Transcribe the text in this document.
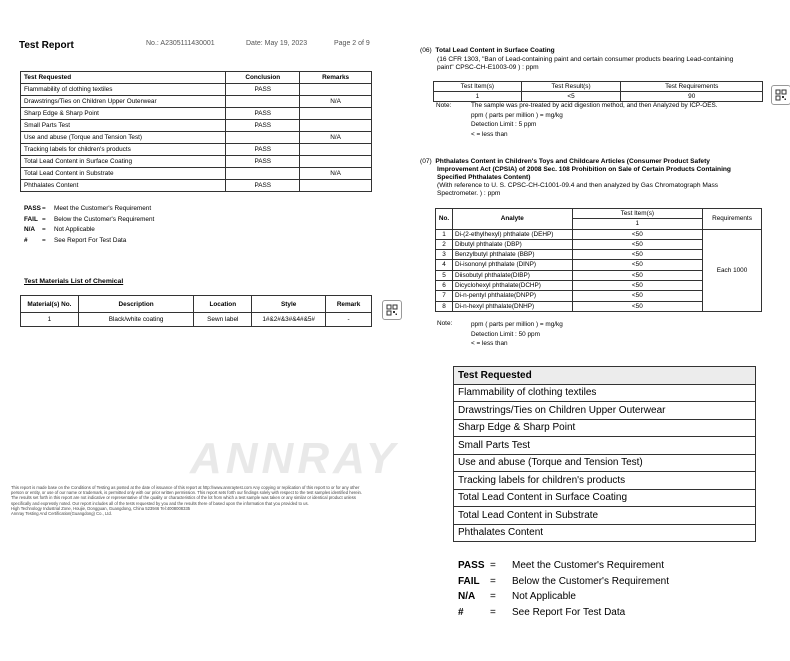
Test Report	No.: A2305111430001	Date: May 19, 2023	Page 2 of 9
Test Requested	Conclusion	Remarks
Flammability of clothing textiles	PASS	
Drawstrings/Ties on Children Upper Outerwear		N/A
Sharp Edge & Sharp Point	PASS	
Small Parts Test	PASS	
Use and abuse (Torque and Tension Test)		N/A
Tracking labels for children's products	PASS	
Total Lead Content in Surface Coating	PASS	
Total Lead Content in Substrate		N/A
Phthalates Content	PASS	
PASS= Meet the Customer's Requirement
FAIL = Below the Customer's Requirement
N/A = Not Applicable
# = See Report For Test Data
Test Materials List of Chemical
Material(s) No.	Description	Location	Style	Remark
1	Black/white coating	Sewn label	1#&2#&3#&4#&5#	-
ANNRAY
This report is made base on the Conditions of Testing as posted at the date of issuance of this report at http://www.annraytest.com Any copying or replication of this report to or for any other
person or entity, or use of our name or trademark, is permitted only with our prior written permission. This report sets forth our findings solely with respect to the test samples identified herein.
The results set forth in this report are not indicative or representative of the quality or characteristics of the lot from which a test sample was taken or any similar or identical product unless
specifically and expressly noted. Our report includes all of the tests requested by you and the results there of based upon the information that you provided to us.
High Technology Industrial Zone, Houjie, Dongguan, Guangdong, China 523946 Tel:4008008335
Annray Testing And Certification(Guangdong) Co., Ltd.
(06) Total Lead Content in Surface Coating
(16 CFR 1303, "Ban of Lead-containing paint and certain consumer products bearing Lead-containing
paint" CPSC-CH-E1003-09 ) : ppm
Test Item(s)	Test Result(s)	Test Requirements
1	<5	90
Note:	The sample was pre-treated by acid digestion method, and then Analyzed by ICP-OES.
ppm ( parts per million ) = mg/kg
Detection Limit : 5 ppm
< = less than
(07) Phthalates Content in Children's Toys and Childcare Articles (Consumer Product Safety
Improvement Act (CPSIA) of 2008 Sec. 108 Prohibition on Sale of Certain Products Containing
Specified Phthalates Content)
(With reference to U. S. CPSC-CH-C1001-09.4 and then analyzed by Gas Chromatograph Mass
Spectrometer. ) : ppm
No.	Analyte	Test Item(s)	Requirements
		1	
1	Di-(2-ethylhexyl) phthalate (DEHP)	<50	Each 1000
2	Dibutyl phthalate (DBP)	<50	
3	Benzylbutyl phthalate (BBP)	<50	
4	Di-isononyl phthalate (DINP)	<50	
5	Diisobutyl phthalate(DIBP)	<50	
6	Dicyclohexyl phthalate(DCHP)	<50	
7	Di-n-pentyl phthalate(DNPP)	<50	
8	Di-n-hexyl phthalate(DNHP)	<50	
Note:	ppm ( parts per million ) = mg/kg
Detection Limit : 50 ppm
< = less than
Test Requested
Flammability of clothing textiles
Drawstrings/Ties on Children Upper Outerwear
Sharp Edge & Sharp Point
Small Parts Test
Use and abuse (Torque and Tension Test)
Tracking labels for children's products
Total Lead Content in Surface Coating
Total Lead Content in Substrate
Phthalates Content
PASS = Meet the Customer's Requirement
FAIL = Below the Customer's Requirement
N/A = Not Applicable
#	= See Report For Test Data
